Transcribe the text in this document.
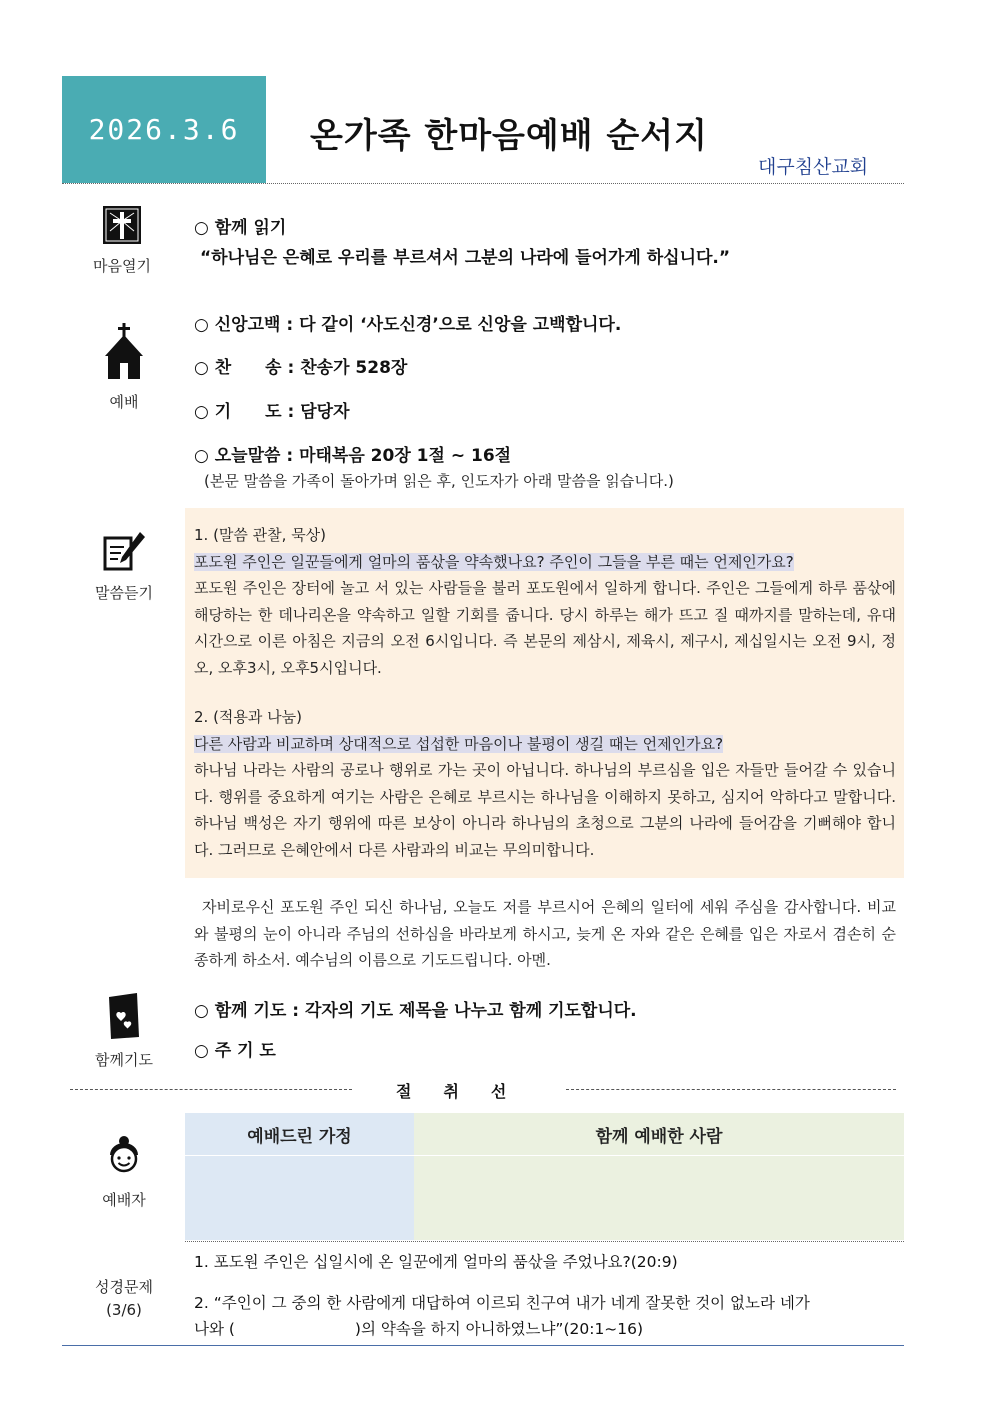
2026.3.6 온가족 한마음예배 순서지
대구침산교회
마음열기
○ 함께 읽기
“하나님은 은혜로 우리를 부르셔서 그분의 나라에 들어가게 하십니다.”
예배
○ 신앙고백 : 다 같이 ‘사도신경’으로 신앙을 고백합니다.
○ 찬　　송 : 찬송가 528장
○ 기　　도 : 담당자
○ 오늘말씀 : 마태복음 20장 1절 ~ 16절
(본문 말씀을 가족이 돌아가며 읽은 후, 인도자가 아래 말씀을 읽습니다.)
말씀듣기
1. (말씀 관찰, 묵상)
포도원 주인은 일꾼들에게 얼마의 품삯을 약속했나요? 주인이 그들을 부른 때는 언제인가요?
포도원 주인은 장터에 놀고 서 있는 사람들을 불러 포도원에서 일하게 합니다. 주인은 그들에게 하루 품삯에 해당하는 한 데나리온을 약속하고 일할 기회를 줍니다. 당시 하루는 해가 뜨고 질 때까지를 말하는데, 유대 시간으로 이른 아침은 지금의 오전 6시입니다. 즉 본문의 제삼시, 제육시, 제구시, 제십일시는 오전 9시, 정오, 오후3시, 오후5시입니다.
2. (적용과 나눔)
다른 사람과 비교하며 상대적으로 섭섭한 마음이나 불평이 생길 때는 언제인가요?
하나님 나라는 사람의 공로나 행위로 가는 곳이 아닙니다. 하나님의 부르심을 입은 자들만 들어갈 수 있습니다. 행위를 중요하게 여기는 사람은 은혜로 부르시는 하나님을 이해하지 못하고, 심지어 악하다고 말합니다. 하나님 백성은 자기 행위에 따른 보상이 아니라 하나님의 초청으로 그분의 나라에 들어감을 기뻐해야 합니다. 그러므로 은혜안에서 다른 사람과의 비교는 무의미합니다.
자비로우신 포도원 주인 되신 하나님, 오늘도 저를 부르시어 은혜의 일터에 세워 주심을 감사합니다. 비교와 불평의 눈이 아니라 주님의 선하심을 바라보게 하시고, 늦게 온 자와 같은 은혜를 입은 자로서 겸손히 순종하게 하소서. 예수님의 이름으로 기도드립니다. 아멘.
함께기도
○ 함께 기도 : 각자의 기도 제목을 나누고 함께 기도합니다.
○ 주 기 도
절　　취　　선
예배자
예배드린 가정	함께 예배한 사람
성경문제
(3/6)
1. 포도원 주인은 십일시에 온 일꾼에게 얼마의 품삯을 주었나요?(20:9)
2. “주인이 그 중의 한 사람에게 대답하여 이르되 친구여 내가 네게 잘못한 것이 없노라 네가
나와 (	)의 약속을 하지 아니하였느냐”(20:1~16)
